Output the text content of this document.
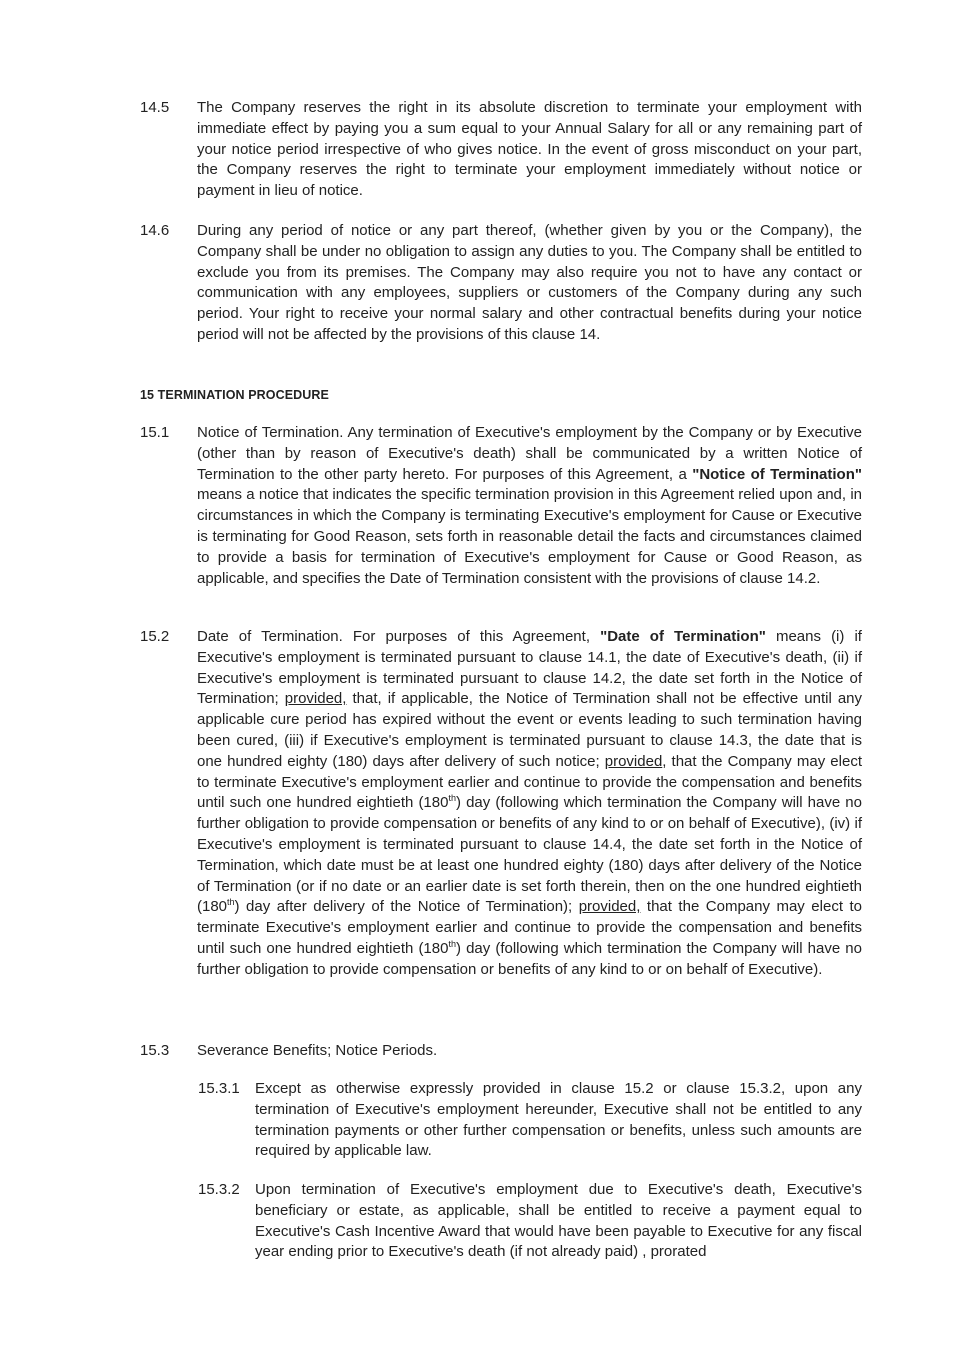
14.5 The Company reserves the right in its absolute discretion to terminate your employment with immediate effect by paying you a sum equal to your Annual Salary for all or any remaining part of your notice period irrespective of who gives notice. In the event of gross misconduct on your part, the Company reserves the right to terminate your employment immediately without notice or payment in lieu of notice.
14.6 During any period of notice or any part thereof, (whether given by you or the Company), the Company shall be under no obligation to assign any duties to you. The Company shall be entitled to exclude you from its premises. The Company may also require you not to have any contact or communication with any employees, suppliers or customers of the Company during any such period. Your right to receive your normal salary and other contractual benefits during your notice period will not be affected by the provisions of this clause 14.
15 TERMINATION PROCEDURE
15.1 Notice of Termination. Any termination of Executive's employment by the Company or by Executive (other than by reason of Executive's death) shall be communicated by a written Notice of Termination to the other party hereto. For purposes of this Agreement, a "Notice of Termination" means a notice that indicates the specific termination provision in this Agreement relied upon and, in circumstances in which the Company is terminating Executive's employment for Cause or Executive is terminating for Good Reason, sets forth in reasonable detail the facts and circumstances claimed to provide a basis for termination of Executive's employment for Cause or Good Reason, as applicable, and specifies the Date of Termination consistent with the provisions of clause 14.2.
15.2 Date of Termination. For purposes of this Agreement, "Date of Termination" means (i) if Executive's employment is terminated pursuant to clause 14.1, the date of Executive's death, (ii) if Executive's employment is terminated pursuant to clause 14.2, the date set forth in the Notice of Termination; provided, that, if applicable, the Notice of Termination shall not be effective until any applicable cure period has expired without the event or events leading to such termination having been cured, (iii) if Executive's employment is terminated pursuant to clause 14.3, the date that is one hundred eighty (180) days after delivery of such notice; provided, that the Company may elect to terminate Executive's employment earlier and continue to provide the compensation and benefits until such one hundred eightieth (180th) day (following which termination the Company will have no further obligation to provide compensation or benefits of any kind to or on behalf of Executive), (iv) if Executive's employment is terminated pursuant to clause 14.4, the date set forth in the Notice of Termination, which date must be at least one hundred eighty (180) days after delivery of the Notice of Termination (or if no date or an earlier date is set forth therein, then on the one hundred eightieth (180th) day after delivery of the Notice of Termination); provided, that the Company may elect to terminate Executive's employment earlier and continue to provide the compensation and benefits until such one hundred eightieth (180th) day (following which termination the Company will have no further obligation to provide compensation or benefits of any kind to or on behalf of Executive).
15.3 Severance Benefits; Notice Periods.
15.3.1 Except as otherwise expressly provided in clause 15.2 or clause 15.3.2, upon any termination of Executive's employment hereunder, Executive shall not be entitled to any termination payments or other further compensation or benefits, unless such amounts are required by applicable law.
15.3.2 Upon termination of Executive's employment due to Executive's death, Executive's beneficiary or estate, as applicable, shall be entitled to receive a payment equal to Executive's Cash Incentive Award that would have been payable to Executive for any fiscal year ending prior to Executive's death (if not already paid) , prorated
